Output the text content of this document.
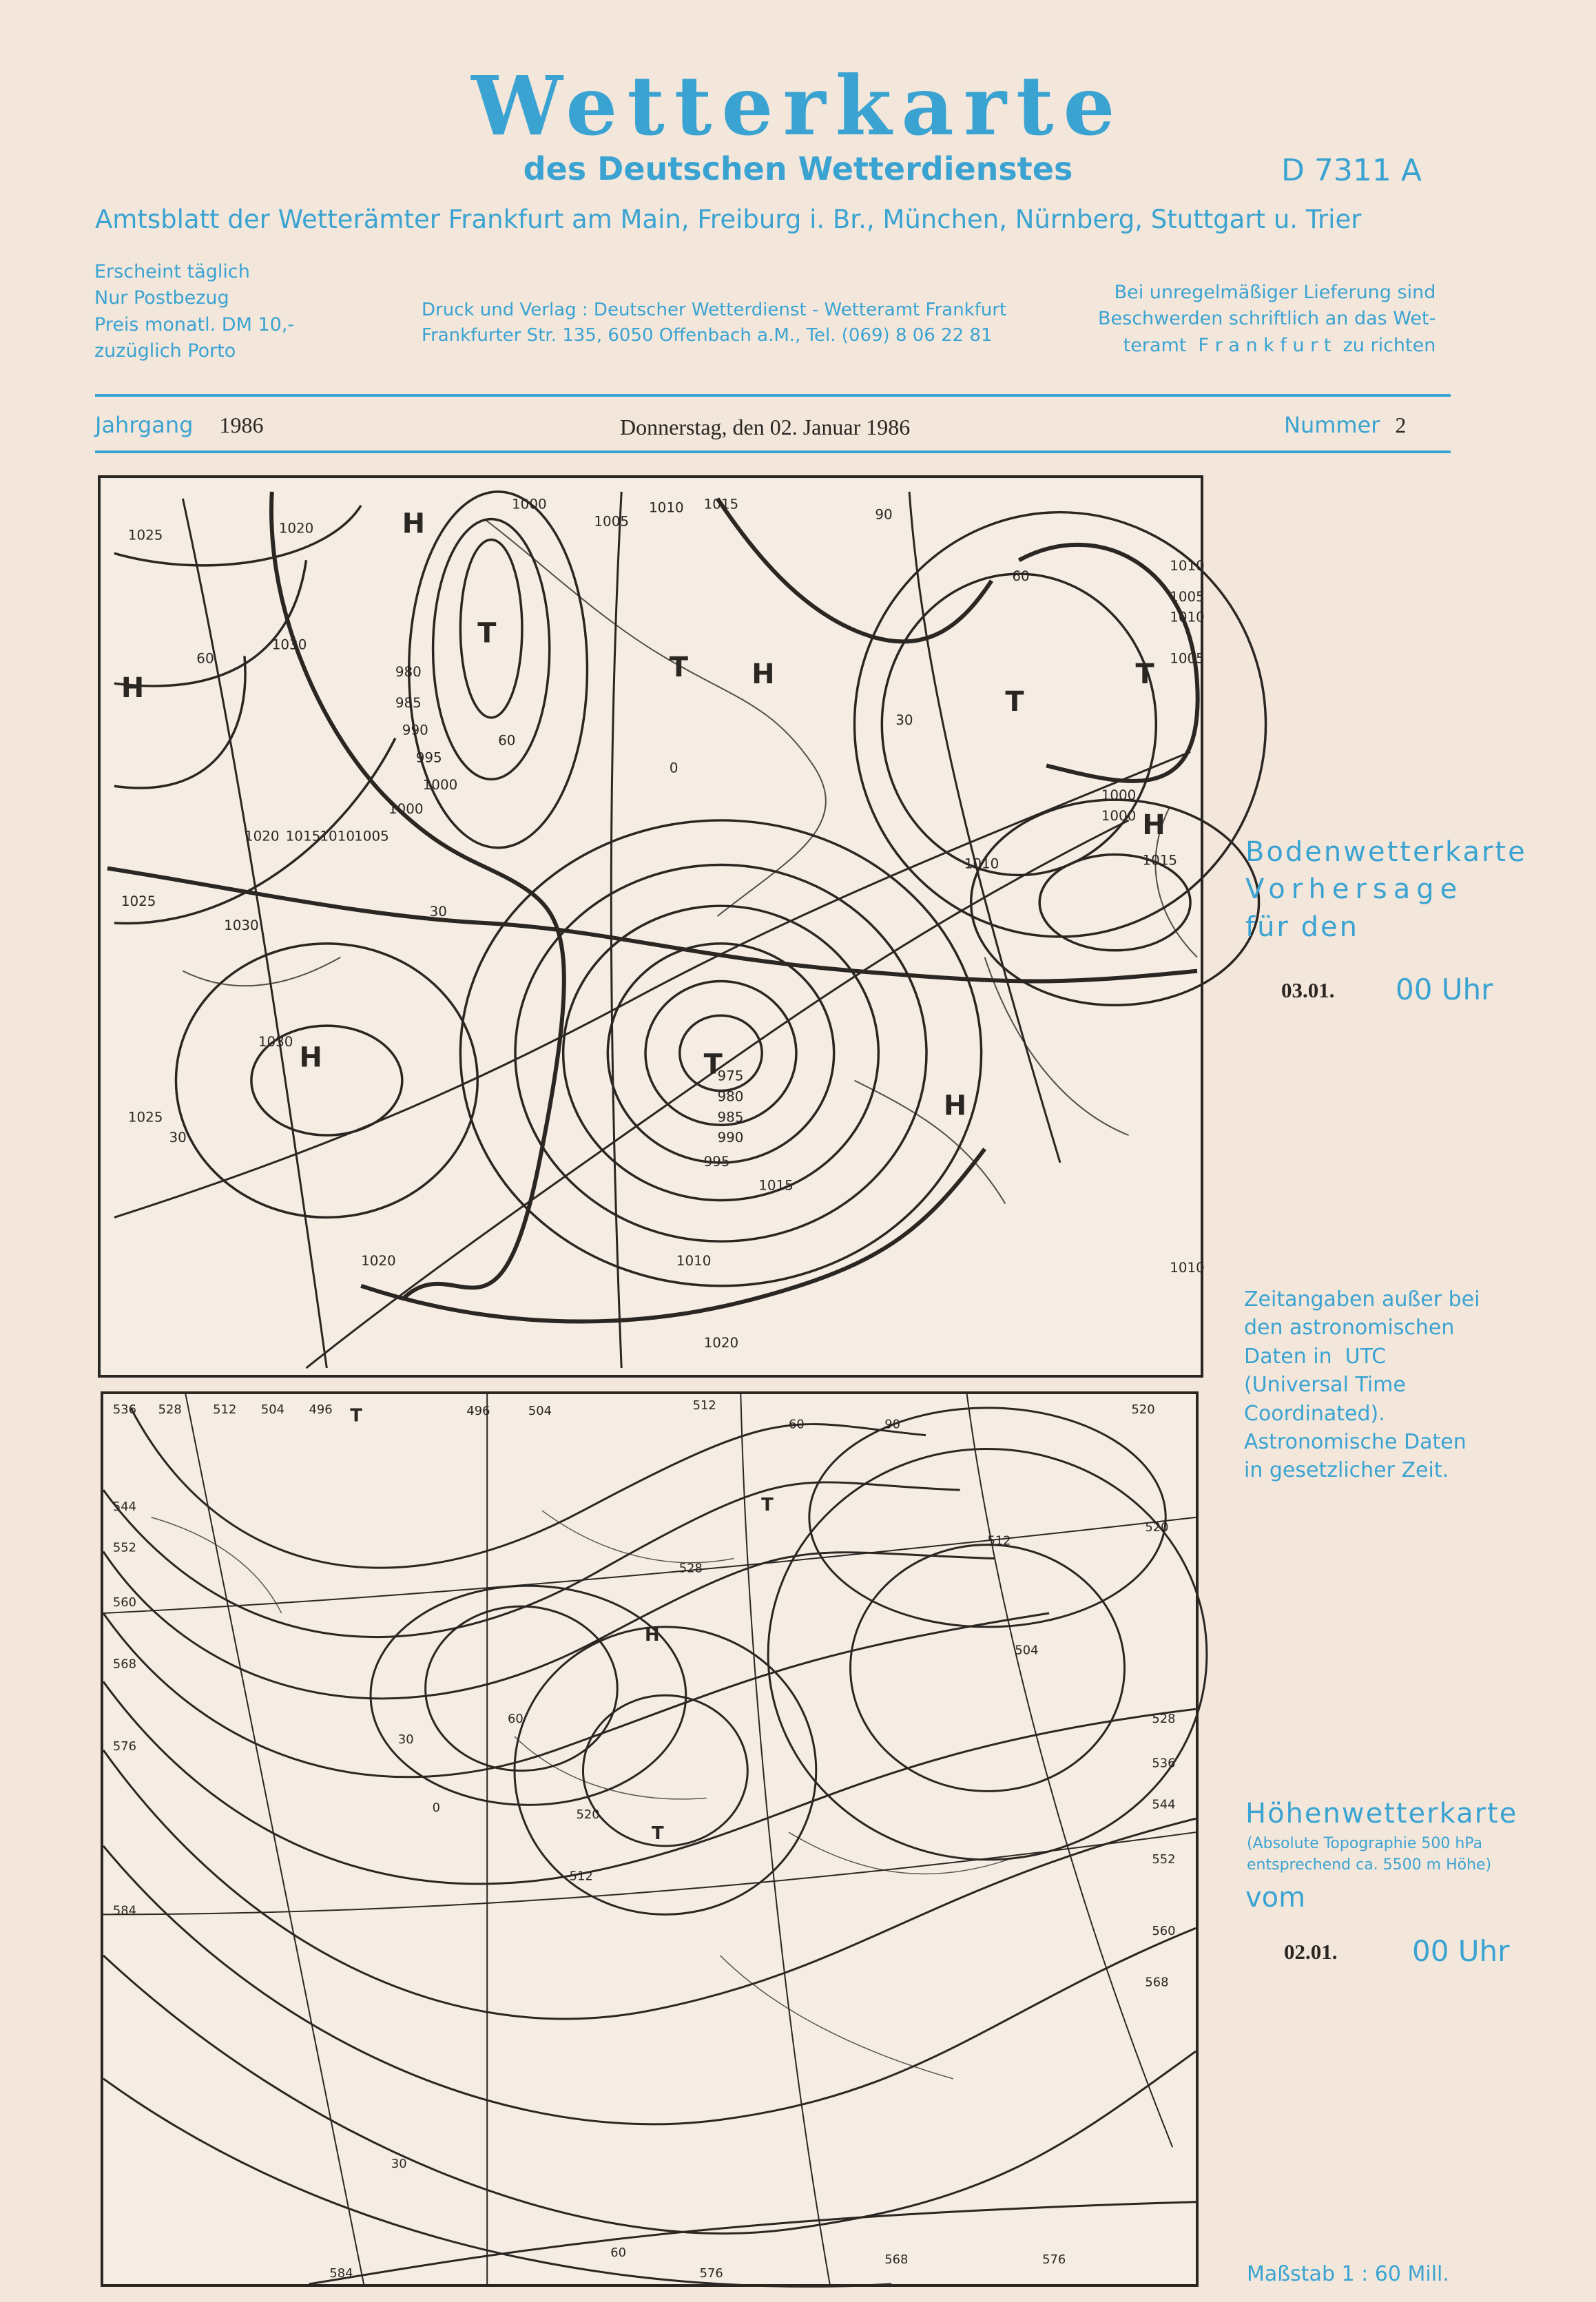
Wetterkarte
des Deutschen Wetterdienstes	D 7311 A
Amtsblatt der Wetterämter Frankfurt am Main, Freiburg i. Br., München, Nürnberg, Stuttgart u. Trier
Erscheint täglich
Nur Postbezug
Preis monatl. DM 10,-
zuzüglich Porto
Druck und Verlag : Deutscher Wetterdienst - Wetteramt Frankfurt
Frankfurter Str. 135, 6050 Offenbach a.M., Tel. (069) 8 06 22 81
Bei unregelmäßiger Lieferung sind
Beschwerden schriftlich an das Wet-
teramt  F r a n k f u r t  zu richten
Jahrgang 1986	Donnerstag, den 02. Januar 1986	Nummer 2
1000
1005
1010 1015
1020
1025
1030
975
980
985
990
995
1020 1015 1010 1005
1000
1030
1025
1025
1010
1005
1000
1015
1030
1020
1010
1005
1000
1010
1010
1015
1020
1010
980
985
990
995
1000
30
60
0
30
60
90
30
60
H
T
H
T H
H	T
H
T
H
T
Bodenwetterkarte
Vorhersage
für den
03.01. 00 Uhr
Zeitangaben außer bei
den astronomischen
Daten in  UTC
(Universal Time
Coordinated).
Astronomische Daten
in gesetzlicher Zeit.
536 528	512 504 496	496	504	512	520
544
552
560
568
576
584
528
520
512
504
512
520
528
536
544
552
560
568
576
584	576
568
60	90
60
30
0
60
30
T
T
T
H
Höhenwetterkarte
(Absolute Topographie 500 hPa
entsprechend ca. 5500 m Höhe)
vom
02.01.	00 Uhr
Maßstab 1 : 60 Mill.
